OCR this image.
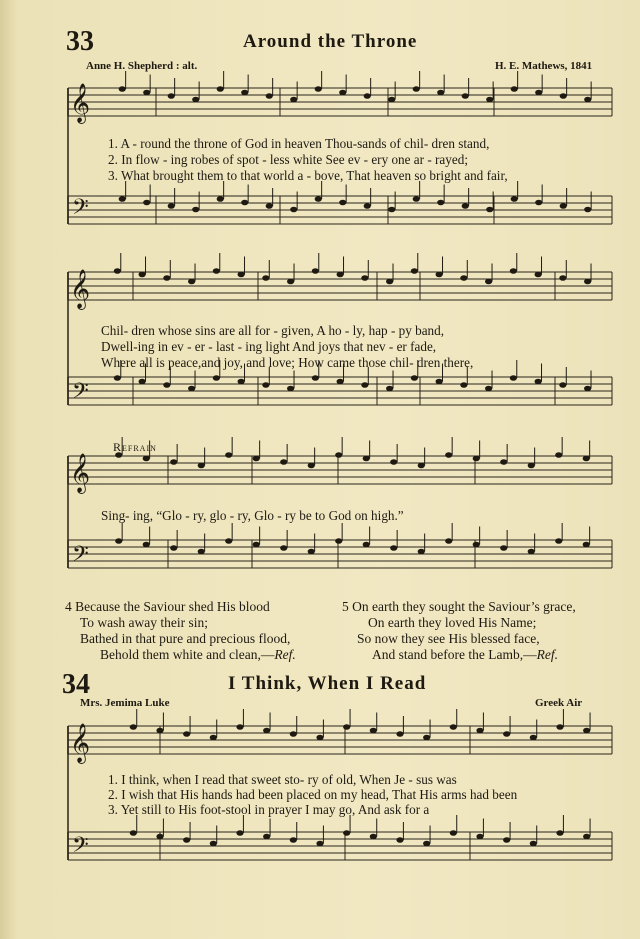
𝄞
𝄞
𝄞
𝄞
𝄢
𝄢
𝄢
𝄢
33	Around the Throne
Anne H. Shepherd : alt.	H. E. Mathews, 1841
1. A - round the throne of God in heaven Thou-sands of chil- dren stand,
2. In flow - ing robes of spot - less white See ev - ery one ar - rayed;
3. What brought them to that world a - bove, That heaven so bright and fair,
Chil- dren whose sins are all for - given, A ho - ly, hap - py band,
Dwell-ing in ev - er - last - ing light And joys that nev - er fade,
Where all is peace,and joy, and love; How came those chil- dren there,
Refrain
Sing- ing, “Glo - ry, glo - ry, Glo - ry be to God on high.”
4 Because the Saviour shed His blood
To wash away their sin;
Bathed in that pure and precious flood,
Behold them white and clean,—Ref.
5 On earth they sought the Saviour’s grace,
On earth they loved His Name;
So now they see His blessed face,
And stand before the Lamb,—Ref.
34	I Think, When I Read
Mrs. Jemima Luke	Greek Air
1. I think, when I read that sweet sto- ry of old, When Je - sus was
2. I wish that His hands had been placed on my head, That His arms had been
3. Yet still to His foot-stool in prayer I may go, And ask for a
